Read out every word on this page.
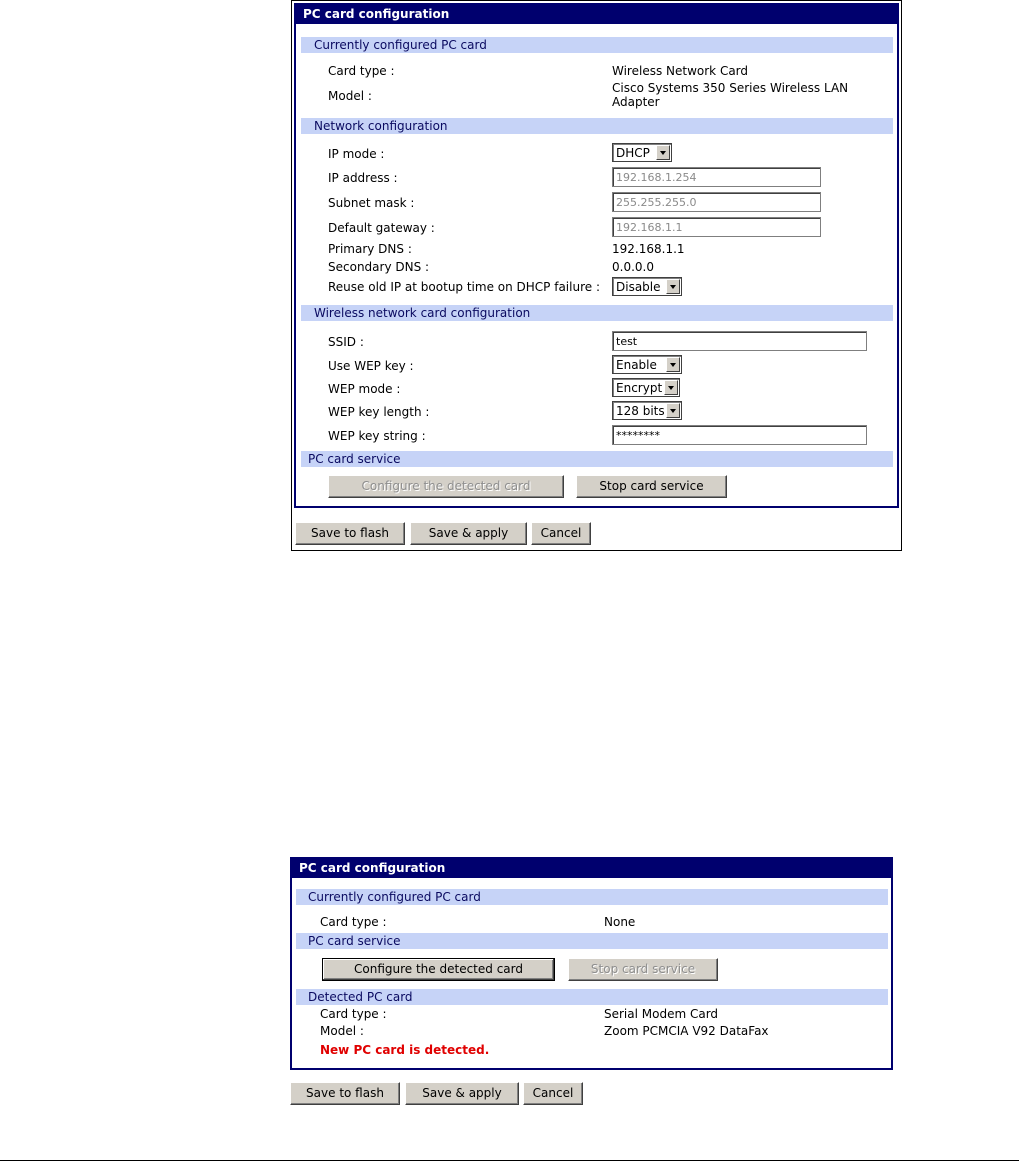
PC card configuration
Currently configured PC card
Card type :	Wireless Network Card
Model :
Cisco Systems 350 Series Wireless LAN Adapter
Network configuration
IP mode :	DHCP
IP address :
192.168.1.254
Subnet mask :
255.255.255.0
Default gateway :
192.168.1.1
Primary DNS :	192.168.1.1
Secondary DNS :	0.0.0.0
Reuse old IP at bootup time on DHCP failure : Disable
Wireless network card configuration
SSID :
test
Use WEP key :	Enable
WEP mode :	Encrypt
WEP key length :	128 bits
WEP key string :
********
PC card service
Configure the detected card	Stop card service
Save to flash	Save & apply	Cancel
PC card configuration
Currently configured PC card
Card type :	None
PC card service
Configure the detected card	Stop card service
Detected PC card
Card type :	Serial Modem Card
Model :	Zoom PCMCIA V92 DataFax
New PC card is detected.
Save to flash	Save & apply	Cancel
